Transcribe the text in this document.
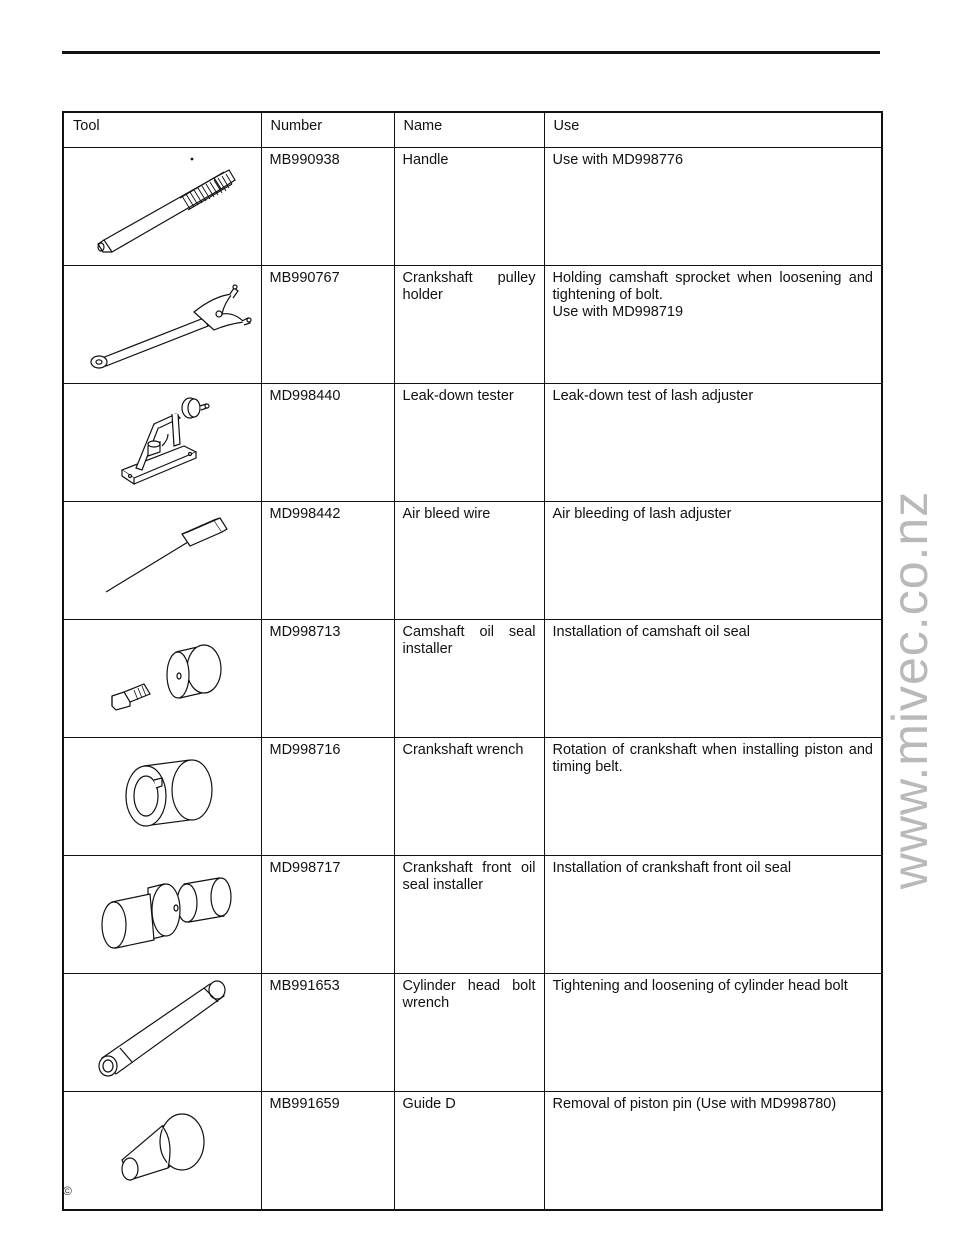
Tool	Number	Name	Use

	MB990938	Handle	Use with MD998776

	MB990767	Crankshaft pulley holder	Holding camshaft sprocket when loosening and tightening of bolt.
Use with MD998719

	MD998440	Leak-down tester	Leak-down test of lash adjuster

	MD998442	Air bleed wire	Air bleeding of lash adjuster

	MD998713	Camshaft oil seal installer	Installation of camshaft oil seal

	MD998716	Crankshaft wrench	Rotation of crankshaft when installing piston and timing belt.

	MD998717	Crankshaft front oil seal installer	Installation of crankshaft front oil seal

	MB991653	Cylinder head bolt wrench	Tightening and loosening of cylinder head bolt

	MB991659	Guide D	Removal of piston pin (Use with MD998780)
www.mivec.co.nz
©
